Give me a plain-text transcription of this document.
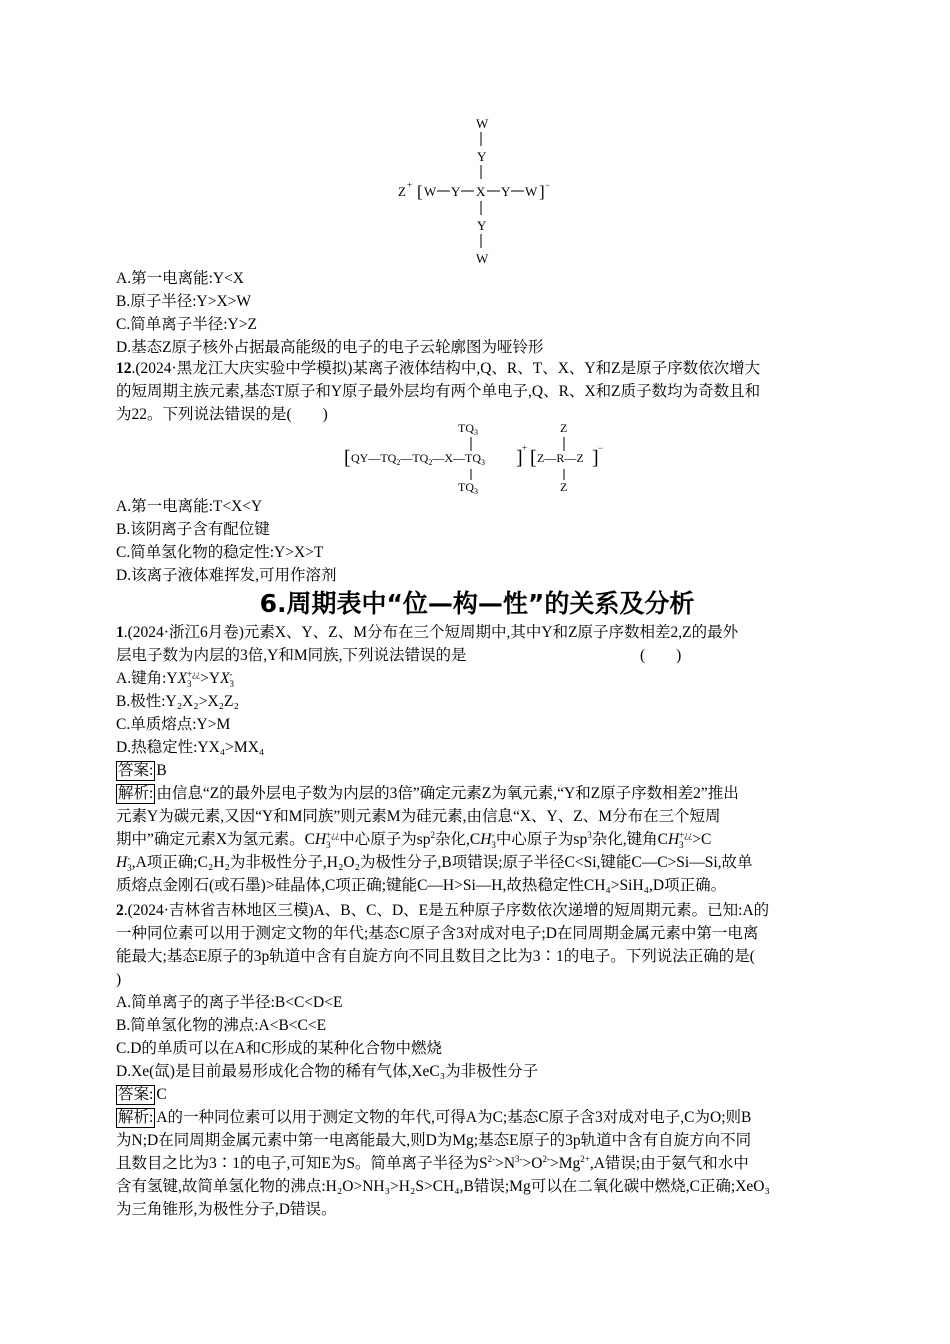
W
Y
Z + [ W Y X Y W ] −
Y
W
A.第一电离能:Y<X
B.原子半径:Y>X>W
C.简单离子半径:Y>Z
D.基态Z原子核外占据最高能级的电子的电子云轮廓图为哑铃形
12.(2024·黑龙江大庆实验中学模拟)某离子液体结构中,Q、R、T、X、Y和Z是原子序数依次增大
的短周期主族元素,基态T原子和Y原子最外层均有两个单电子,Q、R、X和Z质子数均为奇数且和
为22。下列说法错误的是(　　)
A.第一电离能:T<X<Y
B.该阴离子含有配位键
C.简单氢化物的稳定性:Y>X>T
D.该离子液体难挥发,可用作溶剂
6.周期表中“位—构—性”的关系及分析
1.(2024·浙江6月卷)元素X、Y、Z、M分布在三个短周期中,其中Y和Z原子序数相差2,Z的最外
层电子数为内层的3倍,Y和M同族,下列说法错误的是	(　　)
A.键角:YX +¿¿
3 >YX -
3
B.极性:Y₂X₂>X₂Z₂
C.单质熔点:Y>M
D.热稳定性:YX₄>MX₄
答案: B
解析: 由信息“Z的最外层电子数为内层的3倍”确定元素Z为氧元素,“Y和Z原子序数相差2”推出
元素Y为碳元素,又因“Y和M同族”则元素M为硅元素,由信息“X、Y、Z、M分布在三个短周
期中”确定元素X为氢元素。CH +¿¿
3 中心原子为$sp^2$杂化,CH -
3 中心原子为$sp^3$杂化,键角CH +¿¿
3 >C
H -
3 ,A项正确;C₂H₂为非极性分子,H₂O₂为极性分子,B项错误;原子半径C<Si,键能C—C>Si—Si,故单
质熔点金刚石(或石墨)>硅晶体,C项正确;键能C—H>Si—H,故热稳定性CH₄>SiH₄,D项正确。
2.(2024·吉林省吉林地区三模)A、B、C、D、E是五种原子序数依次递增的短周期元素。已知:A的
一种同位素可以用于测定文物的年代;基态C原子含3对成对电子;D在同周期金属元素中第一电离
能最大;基态E原子的3p轨道中含有自旋方向不同且数目之比为3∶1的电子。下列说法正确的是(
)
A.简单离子的离子半径:B<C<D<E
B.简单氢化物的沸点:A<B<C<E
C.D的单质可以在A和C形成的某种化合物中燃烧
D.Xe(氙)是目前最易形成化合物的稀有气体,XeC₃为非极性分子
答案: C
解析: A的一种同位素可以用于测定文物的年代,可得A为C;基态C原子含3对成对电子,C为O;则B
为N;D在同周期金属元素中第一电离能最大,则D为Mg;基态E原子的3p轨道中含有自旋方向不同
且数目之比为3∶1的电子,可知E为S。简单离子半径为$S^{2-}>N^{3-}>O^{2-}>Mg^{2+},A$错误;由于氨气和水中
含有氢键,故简单氢化物的沸点:H₂O>NH₃>H₂S>CH₄,B错误;Mg可以在二氧化碳中燃烧,C正确;XeO₃
为三角锥形,为极性分子,D错误。
$TQ_3$
[ $QY—TQ_2—TQ_2—X—TQ_3$ ] +
$TQ_3$
[
Z
Z—R—Z
Z
] −
